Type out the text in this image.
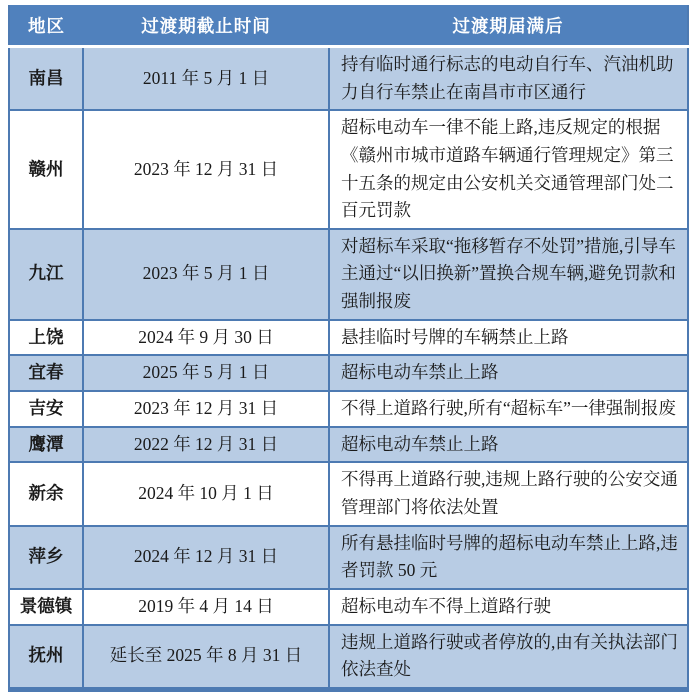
地区	过渡期截止时间	过渡期届满后
南昌	2011 年 5 月 1 日	持有临时通行标志的电动自行车、汽油机助力自行车禁止在南昌市市区通行
赣州	2023 年 12 月 31 日	超标电动车一律不能上路,违反规定的根据《赣州市城市道路车辆通行管理规定》第三十五条的规定由公安机关交通管理部门处二百元罚款
九江	2023 年 5 月 1 日	对超标车采取“拖移暂存不处罚”措施,引导车主通过“以旧换新”置换合规车辆,避免罚款和强制报废
上饶	2024 年 9 月 30 日	悬挂临时号牌的车辆禁止上路
宜春	2025 年 5 月 1 日	超标电动车禁止上路
吉安	2023 年 12 月 31 日	不得上道路行驶,所有“超标车”一律强制报废
鹰潭	2022 年 12 月 31 日	超标电动车禁止上路
新余	2024 年 10 月 1 日	不得再上道路行驶,违规上路行驶的公安交通管理部门将依法处置
萍乡	2024 年 12 月 31 日	所有悬挂临时号牌的超标电动车禁止上路,违者罚款 50 元
景德镇	2019 年 4 月 14 日	超标电动车不得上道路行驶
抚州	延长至 2025 年 8 月 31 日	违规上道路行驶或者停放的,由有关执法部门依法查处
